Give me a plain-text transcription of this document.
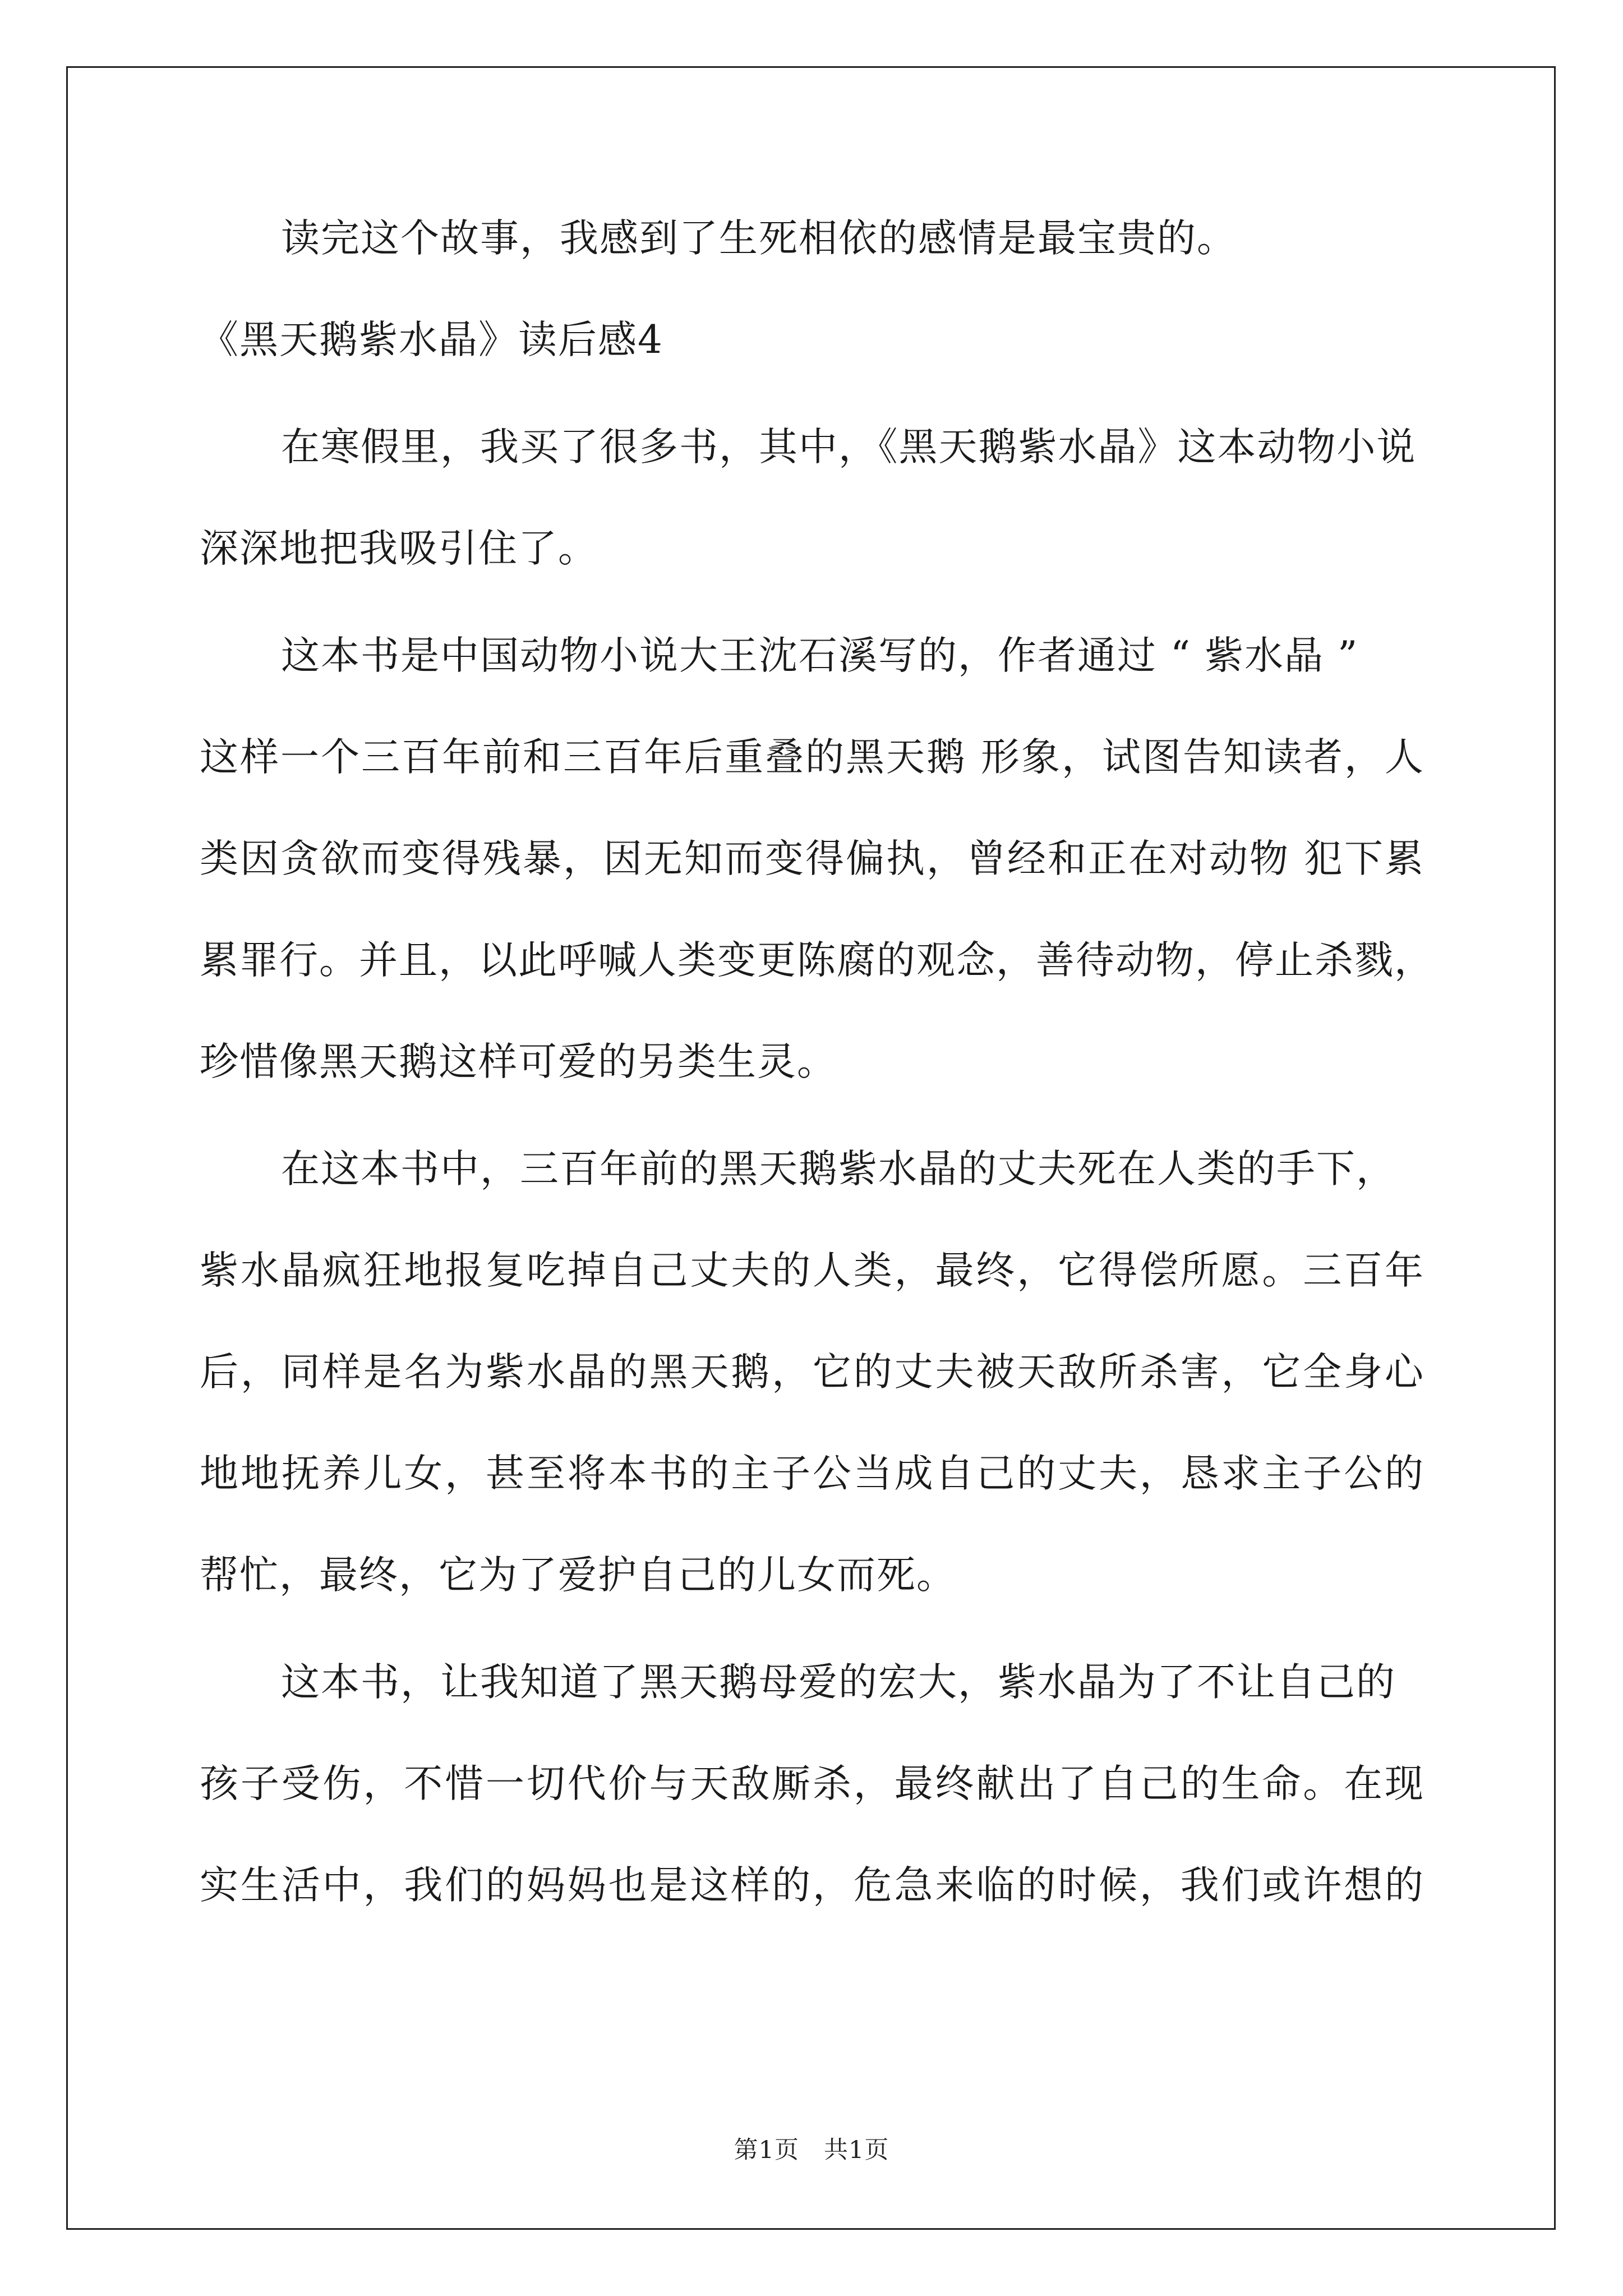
读完这个故事，我感到了生死相依的感情是最宝贵的。
《黑天鹅紫水晶》读后感4
在寒假里，我买了很多书，其中，《黑天鹅紫水晶》这本动物小说
深深地把我吸引住了。
这本书是中国动物小说大王沈石溪写的，作者通过 “ 紫水晶 ”
这样一个三百年前和三百年后重叠的黑天鹅 形象，试图告知读者，人
类因贪欲而变得残暴，因无知而变得偏执，曾经和正在对动物 犯下累
累罪行。并且，以此呼喊人类变更陈腐的观念，善待动物，停止杀戮，
珍惜像黑天鹅这样可爱的另类生灵。
在这本书中，三百年前的黑天鹅紫水晶的丈夫死在人类的手下，
紫水晶疯狂地报复吃掉自己丈夫的人类，最终，它得偿所愿。三百年
后，同样是名为紫水晶的黑天鹅，它的丈夫被天敌所杀害，它全身心
地地抚养儿女，甚至将本书的主子公当成自己的丈夫，恳求主子公的
帮忙，最终，它为了爱护自己的儿女而死。
这本书，让我知道了黑天鹅母爱的宏大，紫水晶为了不让自己的
孩子受伤，不惜一切代价与天敌厮杀，最终献出了自己的生命。在现
实生活中，我们的妈妈也是这样的，危急来临的时候，我们或许想的
第1页 共1页
